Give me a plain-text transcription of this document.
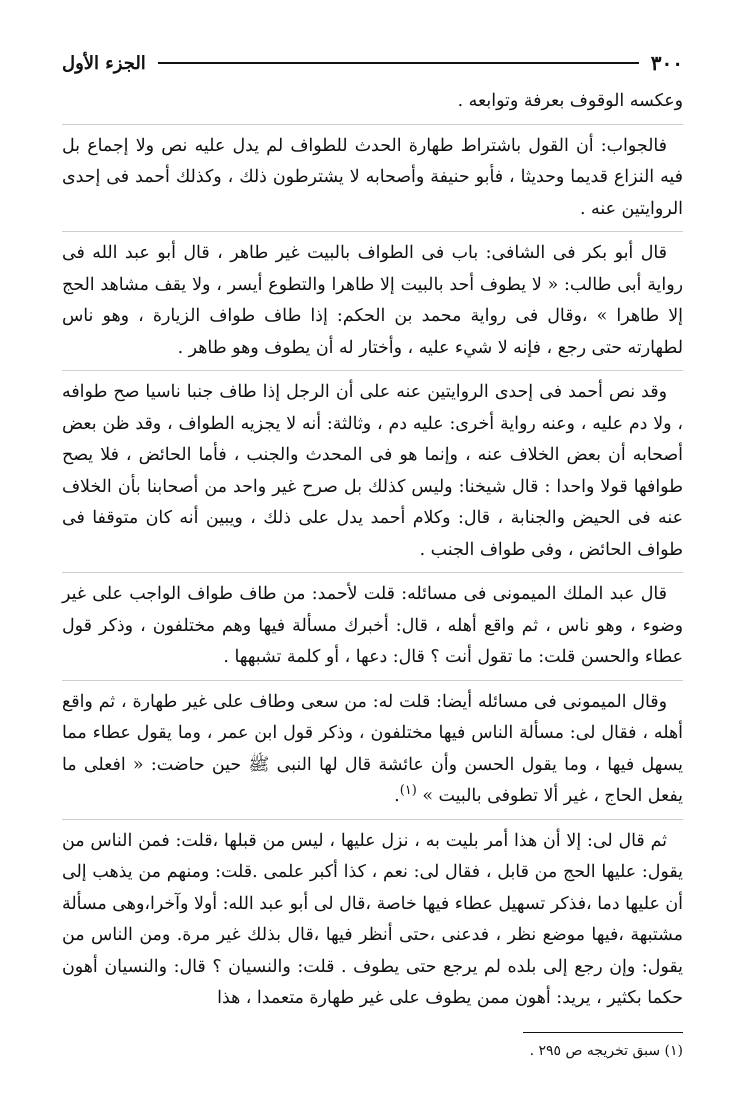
٣٠٠
الجزء الأول

وعكسه الوقوف بعرفة وتوابعه .

فالجواب: أن القول باشتراط طهارة الحدث للطواف لم يدل عليه نص ولا إجماع بل فيه النزاع قديما وحديثا ، فأبو حنيفة وأصحابه لا يشترطون ذلك ، وكذلك أحمد فى إحدى الروايتين عنه .

قال أبو بكر فى الشافى: باب فى الطواف بالبيت غير طاهر ، قال أبو عبد الله فى رواية أبى طالب: « لا يطوف أحد بالبيت إلا طاهرا والتطوع أيسر ، ولا يقف مشاهد الحج إلا طاهرا » ،وقال فى رواية محمد بن الحكم: إذا طاف طواف الزيارة ، وهو ناس لطهارته حتى رجع ، فإنه لا شيء عليه ، وأختار له أن يطوف وهو طاهر .

وقد نص أحمد فى إحدى الروايتين عنه على أن الرجل إذا طاف جنبا ناسيا صح طوافه ، ولا دم عليه ، وعنه رواية أخرى: عليه دم ، وثالثة: أنه لا يجزيه الطواف ، وقد ظن بعض أصحابه أن بعض الخلاف عنه ، وإنما هو فى المحدث والجنب ، فأما الحائض ، فلا يصح طوافها قولا واحدا : قال شيخنا: وليس كذلك بل صرح غير واحد من أصحابنا بأن الخلاف عنه فى الحيض والجنابة ، قال: وكلام أحمد يدل على ذلك ، ويبين أنه كان متوقفا فى طواف الحائض ، وفى طواف الجنب .

قال عبد الملك الميمونى فى مسائله: قلت لأحمد: من طاف طواف الواجب على غير وضوء ، وهو ناس ، ثم واقع أهله ، قال: أخبرك مسألة فيها وهم مختلفون ، وذكر قول عطاء والحسن قلت: ما تقول أنت ؟ قال: دعها ، أو كلمة تشبهها .

وقال الميمونى فى مسائله أيضا: قلت له: من سعى وطاف على غير طهارة ، ثم واقع أهله ، فقال لى: مسألة الناس فيها مختلفون ، وذكر قول ابن عمر ، وما يقول عطاء مما يسهل فيها ، وما يقول الحسن وأن عائشة قال لها النبى ﷺ حين حاضت: « افعلى ما يفعل الحاج ، غير ألا تطوفى بالبيت » $^{(١)}$.

ثم قال لى: إلا أن هذا أمر بليت به ، نزل عليها ، ليس من قبلها ،قلت: فمن الناس من يقول: عليها الحج من قابل ، فقال لى: نعم ، كذا أكبر علمى .قلت: ومنهم من يذهب إلى أن عليها دما ،فذكر تسهيل عطاء فيها خاصة ،قال لى أبو عبد الله: أولا وآخرا،وهى مسألة مشتبهة ،فيها موضع نظر ، فدعنى ،حتى أنظر فيها ،قال بذلك غير مرة. ومن الناس من يقول: وإن رجع إلى بلده لم يرجع حتى يطوف . قلت: والنسيان ؟ قال: والنسيان أهون حكما بكثير ، يريد: أهون ممن يطوف على غير طهارة متعمدا ، هذا

(١) سبق تخريجه ص ٢٩٥ .
